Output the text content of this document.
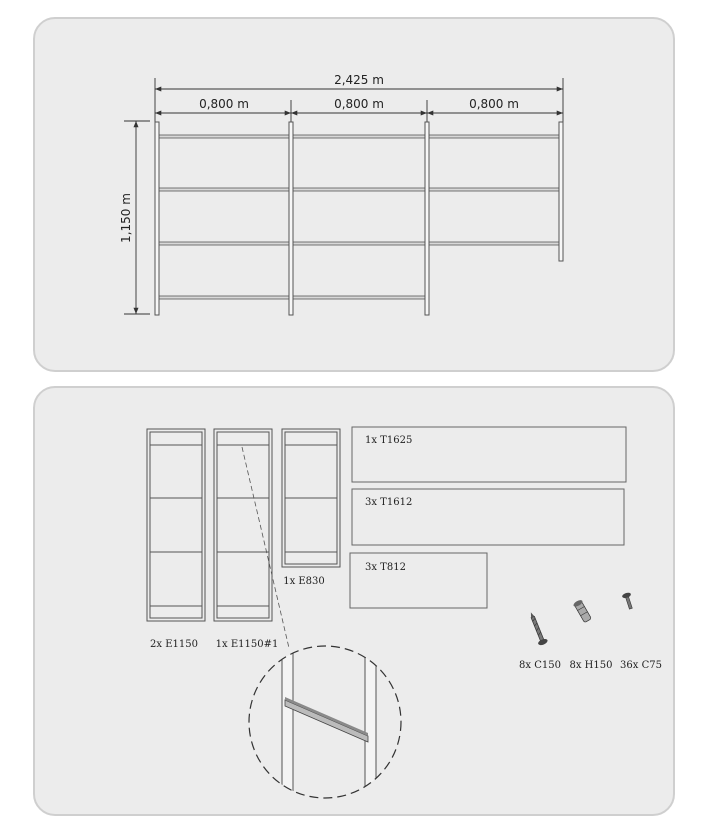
2,425 m
0,800 m	0,800 m	0,800 m
1,150 m
2x E1150 1x E1150#1
1x E830
1x T1625
3x T1612
3x T812
8x C150 8x H150 36x C75
